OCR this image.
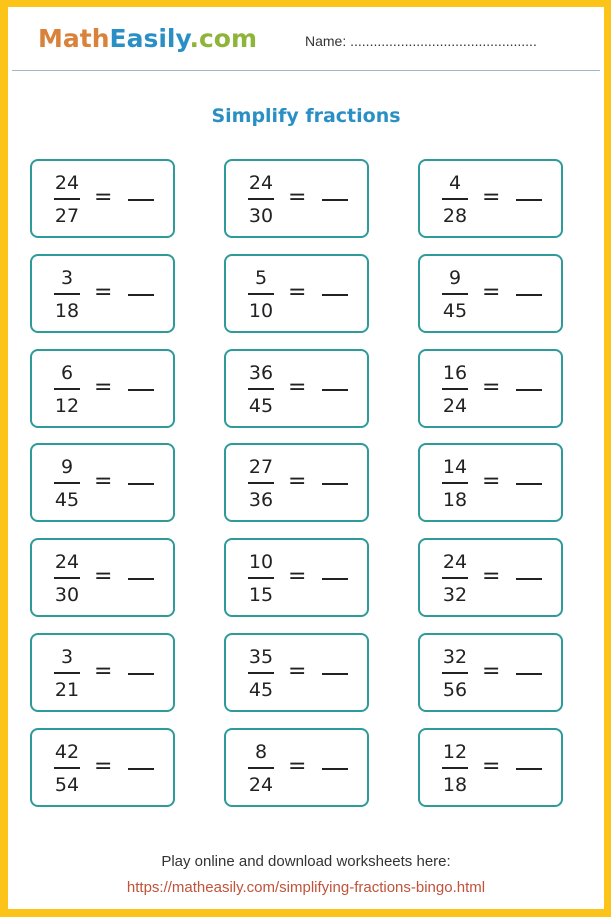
MathEasily.com	Name: ................................................
Simplify fractions
24
27
=
24
30
=
4
28
=
3
18
=
5
10
=
9
45
=
6
12
=
36
45
=
16
24
=
9
45
=
27
36
=
14
18
=
24
30
=
10
15
=
24
32
=
3
21
=
35
45
=
32
56
=
42
54
=
8
24
=
12
18
=
Play online and download worksheets here:
https://matheasily.com/simplifying-fractions-bingo.html
